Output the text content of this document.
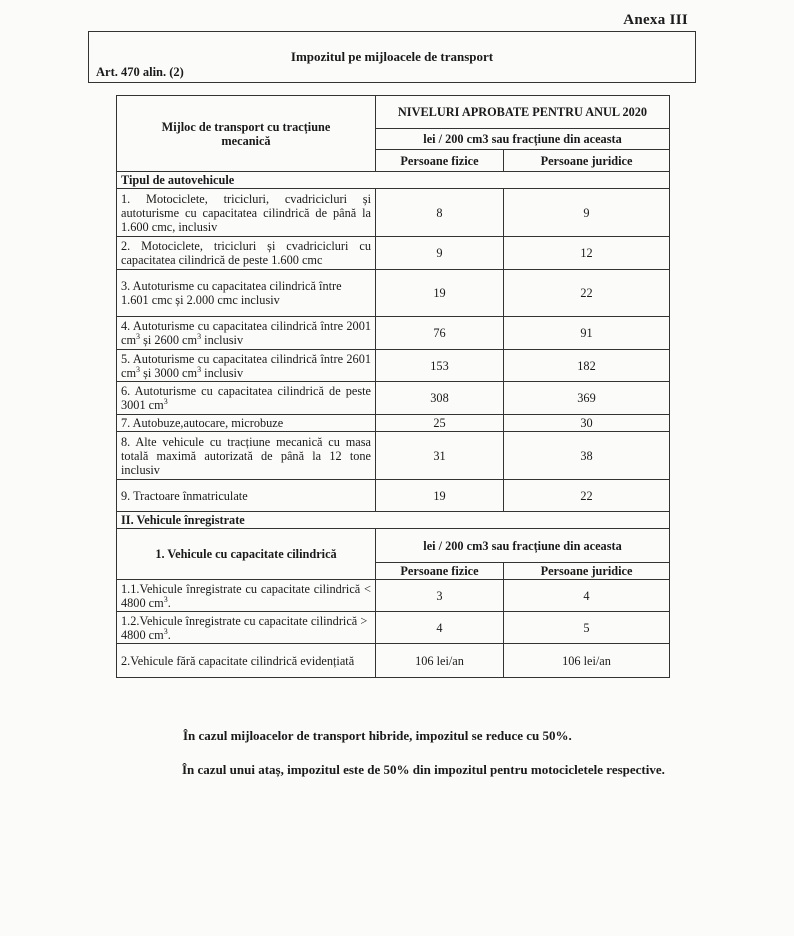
Anexa III
Impozitul pe mijloacele de transport
Art. 470 alin. (2)
Mijloc de transport cu tracțiune mecanică	NIVELURI APROBATE PENTRU ANUL 2020	
	lei / 200 cm3 sau fracțiune din aceasta	
	Persoane fizice	Persoane juridice
Tipul de autovehicule		
1. Motociclete, tricicluri, cvadricicluri și autoturisme cu capacitatea cilindrică de până la 1.600 cmc, inclusiv	8	9
2. Motociclete, tricicluri și cvadricicluri cu capacitatea cilindrică de peste 1.600 cmc	9	12
3. Autoturisme cu capacitatea cilindrică între 1.601 cmc și 2.000 cmc inclusiv	19	22
4. Autoturisme cu capacitatea cilindrică între 2001 $cm^3$ și 2600 $cm^3$ inclusiv	76	91
5. Autoturisme cu capacitatea cilindrică între 2601 $cm^3$ și 3000 $cm^3$ inclusiv	153	182
6. Autoturisme cu capacitatea cilindrică de peste 3001 $cm^3$	308	369
7. Autobuze,autocare, microbuze	25	30
8. Alte vehicule cu tracțiune mecanică cu masa totală maximă autorizată de până la 12 tone inclusiv	31	38
9. Tractoare înmatriculate	19	22
II. Vehicule înregistrate		
1. Vehicule cu capacitate cilindrică	lei / 200 cm3 sau fracțiune din aceasta	
	Persoane fizice	Persoane juridice
1.1.Vehicule înregistrate cu capacitate cilindrică < 4800 $cm^3$.	3	4
1.2.Vehicule înregistrate cu capacitate cilindrică > 4800 $cm^3$.	4	5
2.Vehicule fără capacitate cilindrică evidențiată	106 lei/an	106 lei/an
În cazul mijloacelor de transport hibride, impozitul se reduce cu 50%.
În cazul unui ataș, impozitul este de 50% din impozitul pentru motocicletele respective.
